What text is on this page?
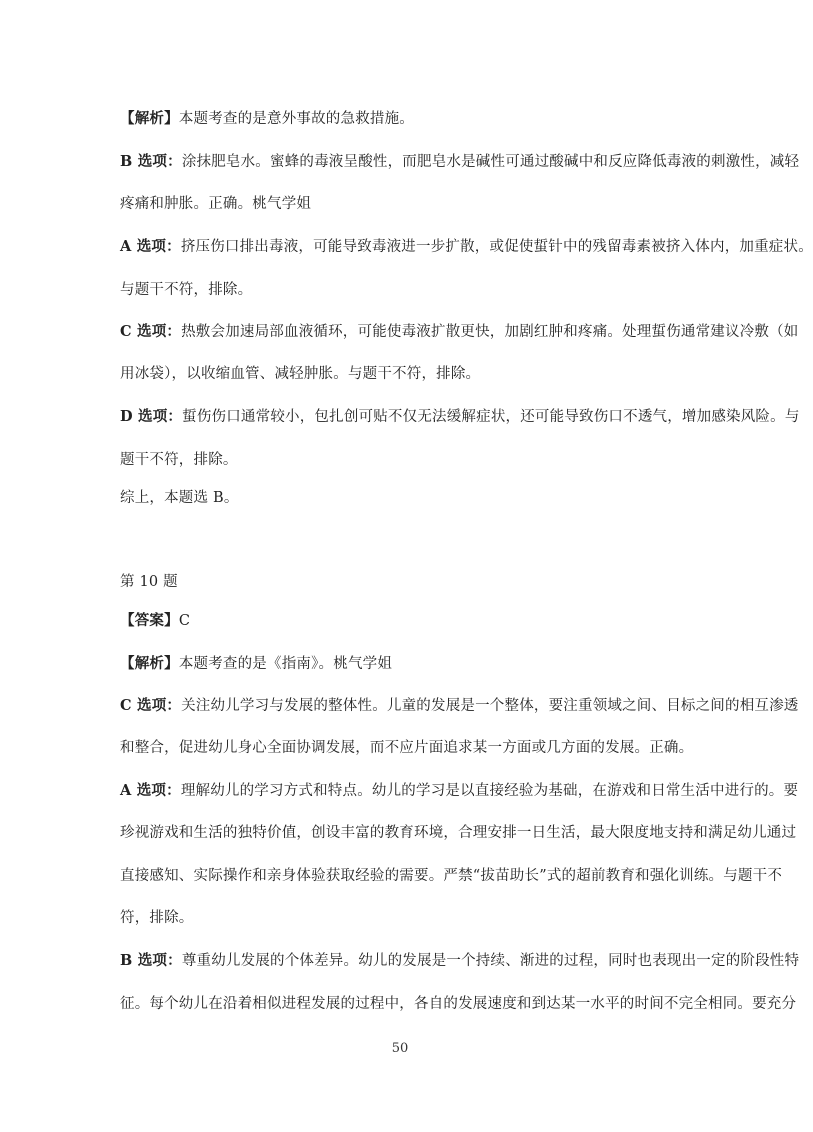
【解析】本题考查的是意外事故的急救措施。
B 选项：涂抹肥皂水。蜜蜂的毒液呈酸性，而肥皂水是碱性可通过酸碱中和反应降低毒液的刺激性，减轻
疼痛和肿胀。正确。桃气学姐
A 选项：挤压伤口排出毒液，可能导致毒液进一步扩散，或促使蜇针中的残留毒素被挤入体内，加重症状。
与题干不符，排除。
C 选项：热敷会加速局部血液循环，可能使毒液扩散更快，加剧红肿和疼痛。处理蜇伤通常建议冷敷（如
用冰袋），以收缩血管、减轻肿胀。与题干不符，排除。
D 选项：蜇伤伤口通常较小，包扎创可贴不仅无法缓解症状，还可能导致伤口不透气，增加感染风险。与
题干不符，排除。
综上，本题选 B。
第 10 题
【答案】C
【解析】本题考查的是《指南》。桃气学姐
C 选项：关注幼儿学习与发展的整体性。儿童的发展是一个整体，要注重领域之间、目标之间的相互渗透
和整合，促进幼儿身心全面协调发展，而不应片面追求某一方面或几方面的发展。正确。
A 选项：理解幼儿的学习方式和特点。幼儿的学习是以直接经验为基础，在游戏和日常生活中进行的。要
珍视游戏和生活的独特价值，创设丰富的教育环境，合理安排一日生活，最大限度地支持和满足幼儿通过
直接感知、实际操作和亲身体验获取经验的需要。严禁“拔苗助长”式的超前教育和强化训练。与题干不
符，排除。
B 选项：尊重幼儿发展的个体差异。幼儿的发展是一个持续、渐进的过程，同时也表现出一定的阶段性特
征。每个幼儿在沿着相似进程发展的过程中，各自的发展速度和到达某一水平的时间不完全相同。要充分
50
